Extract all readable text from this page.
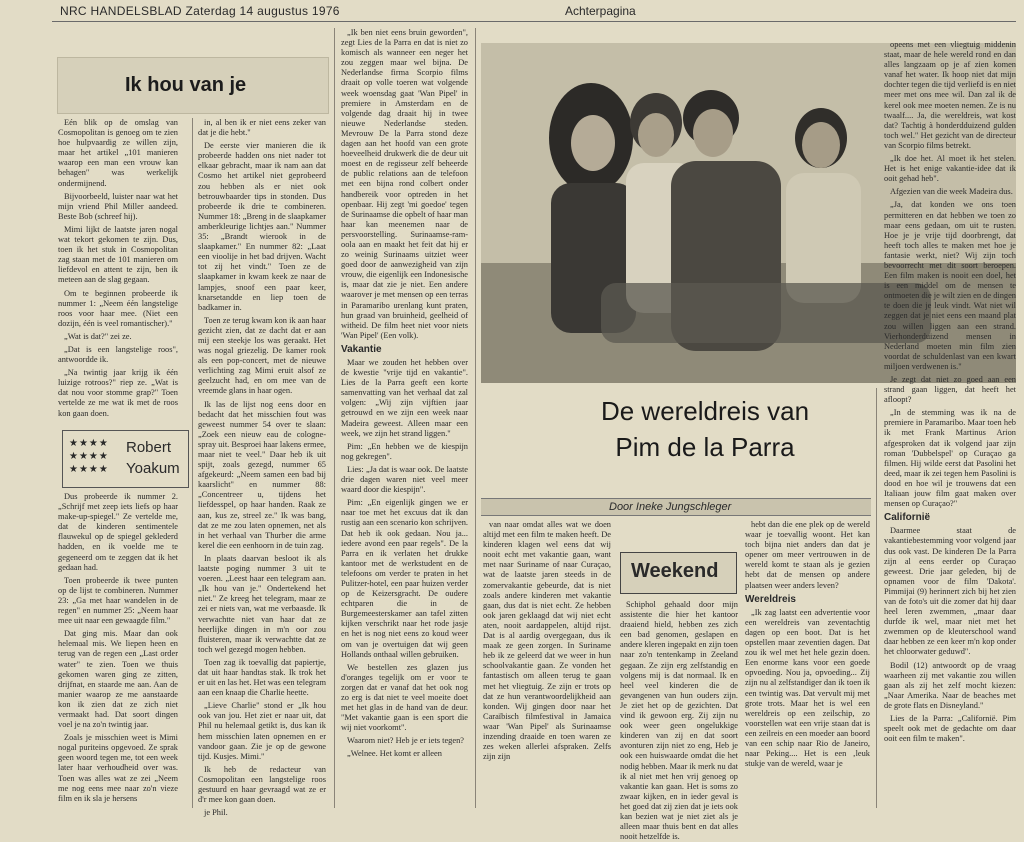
NRC HANDELSBLAD Zaterdag 14 augustus 1976	Achterpagina
Ik hou van je

Eén blik op de omslag van Cosmopolitan is genoeg om te zien hoe hulpvaardig ze willen zijn, maar het artikel „101 manieren waarop een man een vrouw kan behagen" was werkelijk ondermijnend.

Bijvoorbeeld, luister naar wat het mijn vriend Phil Miller aandeed. Beste Bob (schreef hij).

Mimi lijkt de laatste jaren nogal wat tekort gekomen te zijn. Dus, toen ik het stuk in Cosmopolitan zag staan met de 101 manieren om liefdevol en attent te zijn, ben ik meteen aan de slag gegaan.

Om te beginnen probeerde ik nummer 1: „Neem één langstelige roos voor haar mee. (Niet een dozijn, één is veel romantischer)."

„Wat is dat?" zei ze.

„Dat is een langstelige roos", antwoordde ik.

„Na twintig jaar krijg ik één luizige rotroos?" riep ze. „Wat is dat nou voor stomme grap?" Toen vertelde ze me wat ik met de roos kon gaan doen.

★★★★
★★★★
★★★★
Robert
Yoakum

Dus probeerde ik nummer 2. „Schrijf met zeep iets liefs op haar make-up-spiegel." Ze vertelde me, dat de kinderen sentimentele flauwekul op de spiegel geklederd hadden, en ik voelde me te gegeneerd om te zeggen dat ik het gedaan had.

Toen probeerde ik twee punten op de lijst te combineren. Nummer 23: „Ga met haar wandelen in de regen" en nummer 25: „Neem haar mee uit naar een gewaagde film."

Dat ging mis. Maar dan ook helemaal mis. We liepen heen en terug van de regen een „Last order water" te zien. Toen we thuis gekomen waren ging ze zitten, drijfnat, en staarde me aan. Aan de manier waarop ze me aanstaarde kon ik zien dat ze zich niet vermaakt had. Dat soort dingen voel je na zo'n twintig jaar.

Zoals je misschien weet is Mimi nogal puriteins opgevoed. Ze sprak geen woord tegen me, tot een week later haar verhoudheid over was. Toen was alles wat ze zei „Neem me nog eens mee naar zo'n vieze film en ik sla je hersens

in, al ben ik er niet eens zeker van dat je die hebt."

De eerste vier manieren die ik probeerde hadden ons niet nader tot elkaar gebracht, maar ik nam aan dat Cosmo het artikel niet geprobeerd zou hebben als er niet ook betrouwbaarder tips in stonden. Dus probeerde ik drie te combineren. Nummer 18: „Breng in de slaapkamer amberkleurige lichtjes aan." Nummer 35: „Brandt wierook in de slaapkamer." En nummer 82: „Laat een vioolije in het bad drijven. Wacht tot zij het vindt." Toen ze de slaapkamer in kwam keek ze naar de lampjes, snoof een paar keer, knarsetandde en liep toen de badkamer in.

Toen ze terug kwam kon ik aan haar gezicht zien, dat ze dacht dat er aan mij een steekje los was geraakt. Het was nogal griezelig. De kamer rook als een pop-concert, met de nieuwe verlichting zag Mimi eruit alsof ze geelzucht had, en om mee van de vreemde glans in haar ogen.

Ik las de lijst nog eens door en bedacht dat het misschien fout was geweest nummer 54 over te slaan: „Zoek een nieuw eau de cologne-spray uit. Besproei haar lakens ermee, maar niet te veel." Daar heb ik uit spijt, zoals gezegd, nummer 65 afgekeurd: „Neem samen een bad bij kaarslicht" en nummer 88: „Concentreer u, tijdens het liefdesspel, op haar handen. Raak ze aan, kus ze, streel ze." Ik was bang, dat ze me zou laten opnemen, net als in het verhaal van Thurber die arme kerel die een eenhoorn in de tuin zag.

In plaats daarvan besloot ik als laatste poging nummer 3 uit te voeren. „Leest haar een telegram aan. „Ik hou van je." Ondertekend het niet." Ze kreeg het telegram, maar ze zei er niets van, wat me verbaasde. Ik verwachtte niet van haar dat ze heerlijke dingen in m'n oor zou fluisteren, maar ik verwachtte dat ze toch wel gezegd mogen hebben.

Toen zag ik toevallig dat papiertje, dat uit haar handtas stak. Ik trok het er uit en las het. Het was een telegram aan een knaap die Charlie heette.

„Lieve Charlie" stond er „Ik hou ook van jou. Het ziet er naar uit, dat Phil nu helemaal getikt is, dus kan ik hem misschien laten opnemen en er vandoor gaan. Zie je op de gewone tijd. Kusjes. Mimi."

Ik heb de redacteur van Cosmopolitan een langstelige roos gestuurd en haar gevraagd wat ze er d'r mee kon gaan doen.

je Phil.

„Ik ben niet eens bruin geworden", zegt Lies de la Parra en dat is niet zo komisch als wanneer een neger het zou zeggen maar wel bijna. De Nederlandse firma Scorpio films draait op volle toeren wat volgende week woensdag gaat 'Wan Pipel' in premiere in Amsterdam en de volgende dag draait hij in twee nieuwe Nederlandse steden. Mevrouw De la Parra stond deze dagen aan het hoofd van een grote hoeveelheid drukwerk die de deur uit moest en de regisseur zelf beheerde de public relations aan de telefoon met een bijna rond colbert onder handbereik voor optreden in het openbaar. Hij zegt 'mi goedoe' tegen de Surinaamse die opbelt of haar man haar kan meenemen naar de persvoorstelling. Surinaamse-ram-oola aan en maakt het feit dat hij er zo weinig Surinaams uitziet weer goed door de aanwezigheid van zijn vrouw, die eigenlijk een Indonesische is, maar dat zie je niet. Een andere waarover je met mensen op een terras in Paramaribo urenlang kunt praten, hun graad van bruinheid, geelheid of witheid. De film heet niet voor niets 'Wan Pipel' (Een volk).

Vakantie

Maar we zouden het hebben over de kwestie "vrije tijd en vakantie". Lies de la Parra geeft een korte samenvatting van het verhaal dat zal volgen: „Wij zijn vijftien jaar getrouwd en we zijn een week naar Madeira geweest. Alleen maar een week, we zijn het strand liggen."

Pim: „En hebben we de kiespijn nog gekregen".

Lies: „Ja dat is waar ook. De laatste drie dagen waren niet veel meer waard door die kiespijn".

Pim: „En eigenlijk gingen we er naar toe met het excuus dat ik dan rustig aan een scenario kon schrijven. Dat heb ik ook gedaan. Nou ja... iedere avond een paar regels". De la Parra en ik verlaten het drukke kantoor met de werkstudent en de telefoons om verder te praten in het Pulitzer-hotel, een paar huizen verder op de Keizersgracht. De oudere echtparen die in de Burgemeesterskamer aan tafel zitten kijken verschrikt naar het rode jasje en het is nog niet eens zo koud weer om van je overtuigen dat wij geen Hollands onthaal willen gebruiken.

We bestellen zes glazen jus d'oranges tegelijk om er voor te zorgen dat er vanaf dat het ook nog zo erg is dat niet te veel moeite doet met het glas in de hand van de deur. "Met vakantie gaan is een sport die wij niet voorkomt".

Waarom niet? Heb je er iets tegen?

„Welnee. Het komt er alleen

De wereldreis van
Pim de la Parra
Door Ineke Jungschleger

van naar omdat alles wat we doen altijd met een film te maken heeft. De kinderen klagen wel eens dat wij nooit echt met vakantie gaan, want met naar Suriname of naar Curaçao, wat de laatste jaren steeds in de zomervakantie gebeurde, dat is niet zoals andere kinderen met vakantie gaan, dus dat is niet echt. Ze hebben ook jaren geklaagd dat wij niet echt aten, nooit aardappelen, altijd rijst. Dat is al aardig overgegaan, dus ik maak ze geen zorgen. In Suriname heb ik ze geleerd dat we weer in hun schoolvakantie gaan. Ze vonden het fantastisch om alleen terug te gaan met het vliegtuig. Ze zijn er trots op dat ze hun verantwoordelijkheid aan konden. Wij gingen door naar het Caraïbisch filmfestival in Jamaica waar 'Wan Pipel' als Surinaamse inzending draaide en toen waren ze zes weken allerlei afspraken. Zelfs zijn zijn

Weekend

Schiphol gehaald door mijn assistente die hier het kantoor draaiend hield, hebben zes zich een bad genomen, geslapen en andere kleren ingepakt en zijn toen naar zo'n tentenkamp in Zeeland gegaan. Ze zijn erg zelfstandig en volgens mij is dat normaal. Ik en heel veel kinderen die de gevangenen van hun ouders zijn. Je ziet het op de gezichten. Dat vind ik gewoon erg. Zij zijn nu ook weer geen ongelukkige kinderen van zij en dat soort avonturen zijn niet zo eng, Heb je ook een huiswaarde omdat die het nodig hebben. Maar ik merk nu dat ik al niet met hen vrij genoeg op vakantie kan gaan. Het is soms zo zwaar kijken, en in ieder geval is het goed dat zij zien dat je iets ook kan bezien wat je niet ziet als je alleen maar thuis bent en dat alles nooit hetzelfde is.

hebt dan die ene plek op de wereld waar je toevallig woont. Het kan toch bijna niet anders dan dat je opener om meer vertrouwen in de wereld komt te staan als je gezien hebt dat de mensen op andere plaatsen weer anders leven?

Wereldreis

„Ik zag laatst een advertentie voor een wereldreis van zeventachtig dagen op een boot. Dat is het opstellen maar zeventien dagen. Dat zou ik wel met het hele gezin doen. Een enorme kans voor een goede opvoeding. Nou ja, opvoeding... Zij zijn nu al zelfstandiger dan ik toen ik een twintig was. Dat vervult mij met grote trots. Maar het is wel een wereldreis op een zeilschip, zo voorstellen wat een vrije staan dat is een zeilreis en een moeder aan boord van een schip naar Rio de Janeiro, naar Peking.... Het is een ‚leuk stukje van de wereld, waar je

opeens met een vliegtuig middenin staat, maar de hele wereld rond en dan alles langzaam op je af zien komen vanaf het water. Ik hoop niet dat mijn dochter tegen die tijd verliefd is en niet meer met ons mee wil. Dan zal ik de kerel ook mee moeten nemen. Ze is nu twaalf.... Ja, die wereldreis, wat kost dat? Tachtig à honderdduizend gulden toch wel." Het gezicht van de directeur van Scorpio films betrekt.

„Ik doe het. Al moet ik het stelen. Het is het enige vakantie-idee dat ik ooit gehad heb".

Afgezien van die week Madeira dus.

„Ja, dat konden we ons toen permitteren en dat hebben we toen zo maar eens gedaan, om uit te rusten. Hoe je je vrije tijd doorbrengt, dat heeft toch alles te maken met hoe je fantasie werkt, niet? Wij zijn toch bevoorrecht met dit soort beroepen. Een film maken is nooit een doel, het is een middel om de mensen te ontmoeten die je wilt zien en de dingen te doen die je leuk vindt. Wat niet wil zeggen dat je niet eens een maand plat zou willen liggen aan een strand. Vierhonderduizend mensen in Nederland moeten min film zien voordat de schuldenlast van een kwart miljoen verdwenen is."

Je zegt dat niet zo goed aan een strand gaan liggen, dat heeft het afloopt?

„In de stemming was ik na de premiere in Paramaribo. Maar toen heb ik met Frank Martinus Arion afgesproken dat ik volgend jaar zijn roman 'Dubbelspel' op Curaçao ga filmen. Hij wilde eerst dat Pasolini het deed, maar ik zei tegen hem Pasolini is dood en hoe wil je trouwens dat een Italiaan jouw film gaat maken over mensen op Curaçao?"

Californië

Daarmee staat de vakantiebestemming voor volgend jaar dus ook vast. De kinderen De la Parra zijn al eens eerder op Curaçao geweest. Drie jaar geleden, bij de opnamen voor de film 'Dakota'. Pimmijai (9) herinnert zich bij het zien van de foto's uit die zomer dat hij daar heel leren zwemmen, „maar daar durfde ik wel, maar niet met het zwemmen op de kleuterschool wand daar hebben ze een keer m'n kop onder het chloorwater geduwd".

Bodil (12) antwoordt op de vraag waarheen zij met vakantie zou willen gaan als zij het zelf mocht kiezen: „Naar Amerika. Naar de beaches met de grote flats en Disneyland."

Lies de la Parra: „Californië. Pim speelt ook met de gedachte om daar ooit een film te maken".
